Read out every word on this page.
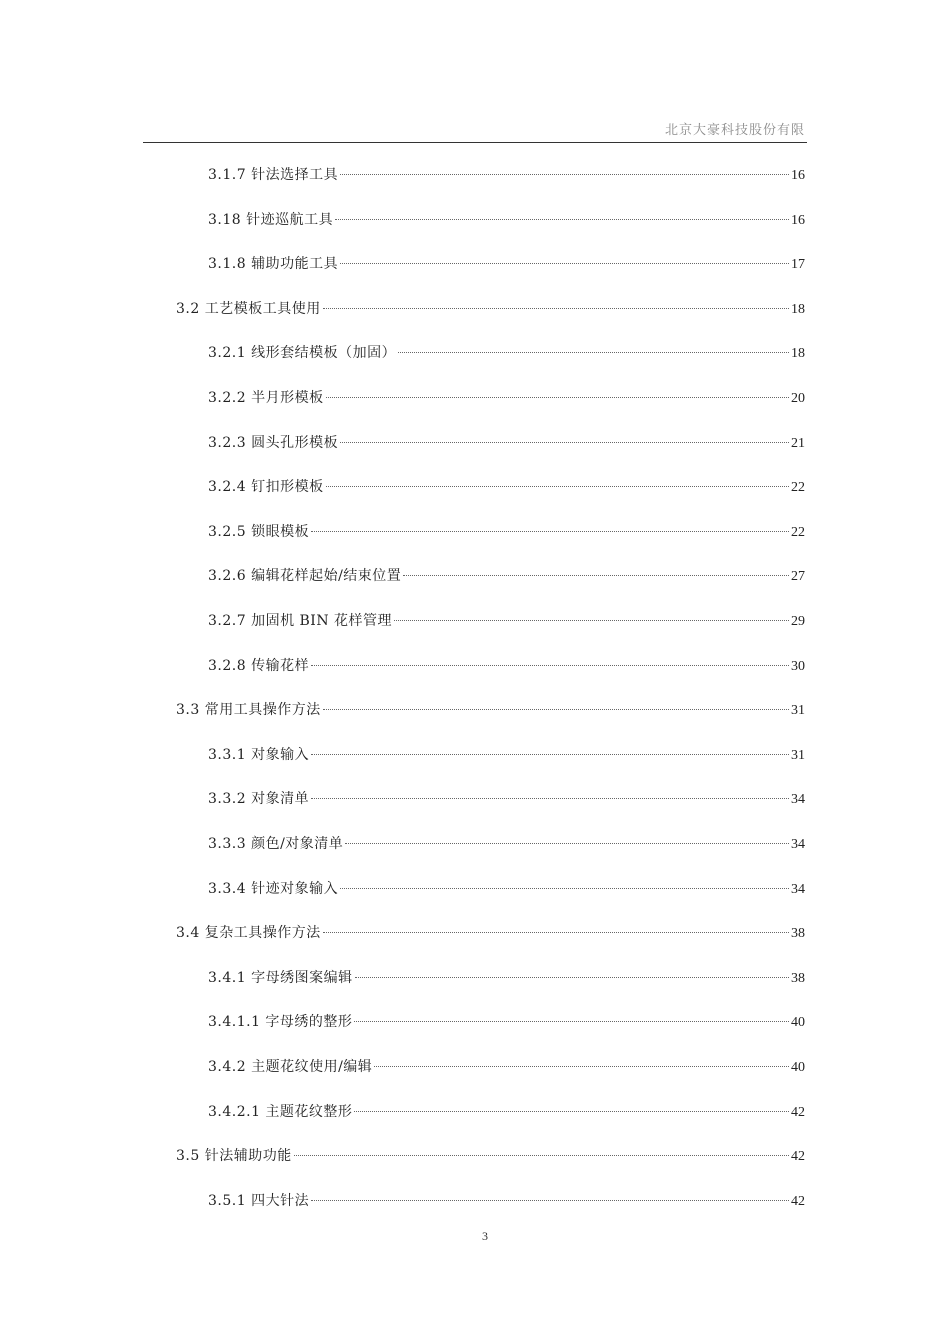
北京大豪科技股份有限
3.1.7 针法选择工具	16
3.18 针迹巡航工具	16
3.1.8 辅助功能工具	17
3.2 工艺模板工具使用	18
3.2.1 线形套结模板（加固）	18
3.2.2 半月形模板	20
3.2.3 圆头孔形模板	21
3.2.4 钉扣形模板	22
3.2.5 锁眼模板	22
3.2.6 编辑花样起始/结束位置	27
3.2.7 加固机 BIN 花样管理	29
3.2.8 传输花样	30
3.3 常用工具操作方法	31
3.3.1 对象输入	31
3.3.2 对象清单	34
3.3.3 颜色/对象清单	34
3.3.4 针迹对象输入	34
3.4 复杂工具操作方法	38
3.4.1 字母绣图案编辑	38
3.4.1.1 字母绣的整形	40
3.4.2 主题花纹使用/编辑	40
3.4.2.1 主题花纹整形	42
3.5 针法辅助功能	42
3.5.1 四大针法	42
3
